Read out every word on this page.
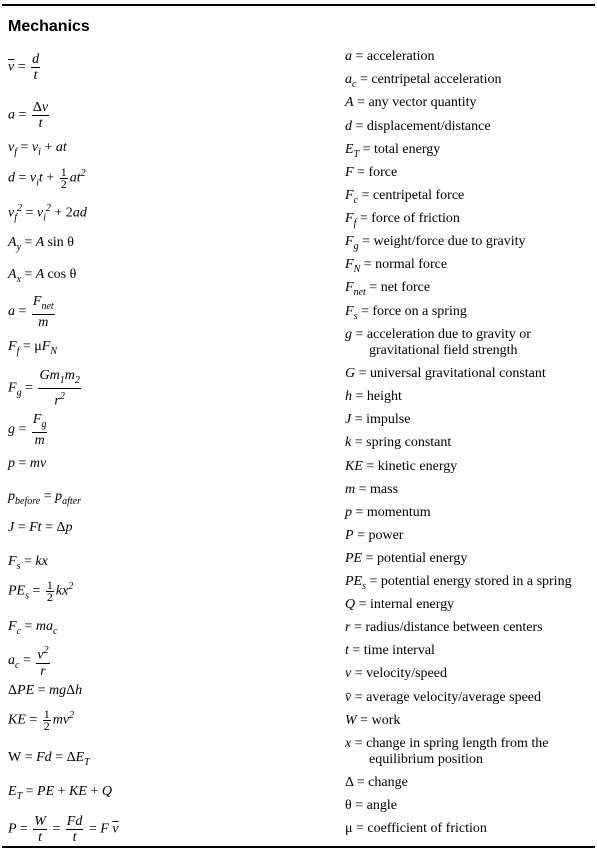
Mechanics
$\overline{v} = \frac{d}{t}$
$a = \frac{\Delta v}{t}$
$v_f = v_i$ + at
$d = v_it + \frac{1}{2} at^2$
$v_f^2 = v_i^2 + 2ad$
$A_y = A$ sin θ
$A_x = A$ cos θ
$a = \frac{F_{net}}{m}$
$F_f = \mu F_N$
$F_g = \frac{Gm_1m_2}{r^2}$
$g = \frac{F_g}{m}$
p = mv
$p_{before} = p_{after}$
J = Ft = Δp
$F_s$ = kx
$PE_s = \frac{1}{2} kx^2$
$F_c = ma_c$
$a_c = \frac{v^2}{r}$
ΔPE = mgΔh
KE = $\frac{1}{2} mv^2$
$W = Fd = \Delta E_T$
$E_T$ = PE + KE + Q
$P = \frac{W}{t} = \frac{Fd}{t} = F$ $\overline{v}$
a = acceleration
$a_c$ = centripetal acceleration
A = any vector quantity
d = displacement/distance
$E_T$ = total energy
F = force
$F_c$ = centripetal force
$F_f$ = force of friction
$F_g$ = weight/force due to gravity
$F_N$ = normal force
$F_{net}$ = net force
$F_s$ = force on a spring
g = acceleration due to gravity or
gravitational field strength
G = universal gravitational constant
h = height
J = impulse
k = spring constant
KE = kinetic energy
m = mass
p = momentum
P = power
PE = potential energy
$PE_s$ = potential energy stored in a spring
Q = internal energy
r = radius/distance between centers
t = time interval
v = velocity/speed
v̄ = average velocity/average speed
W = work
x = change in spring length from the
equilibrium position
Δ = change
θ = angle
μ = coefficient of friction
